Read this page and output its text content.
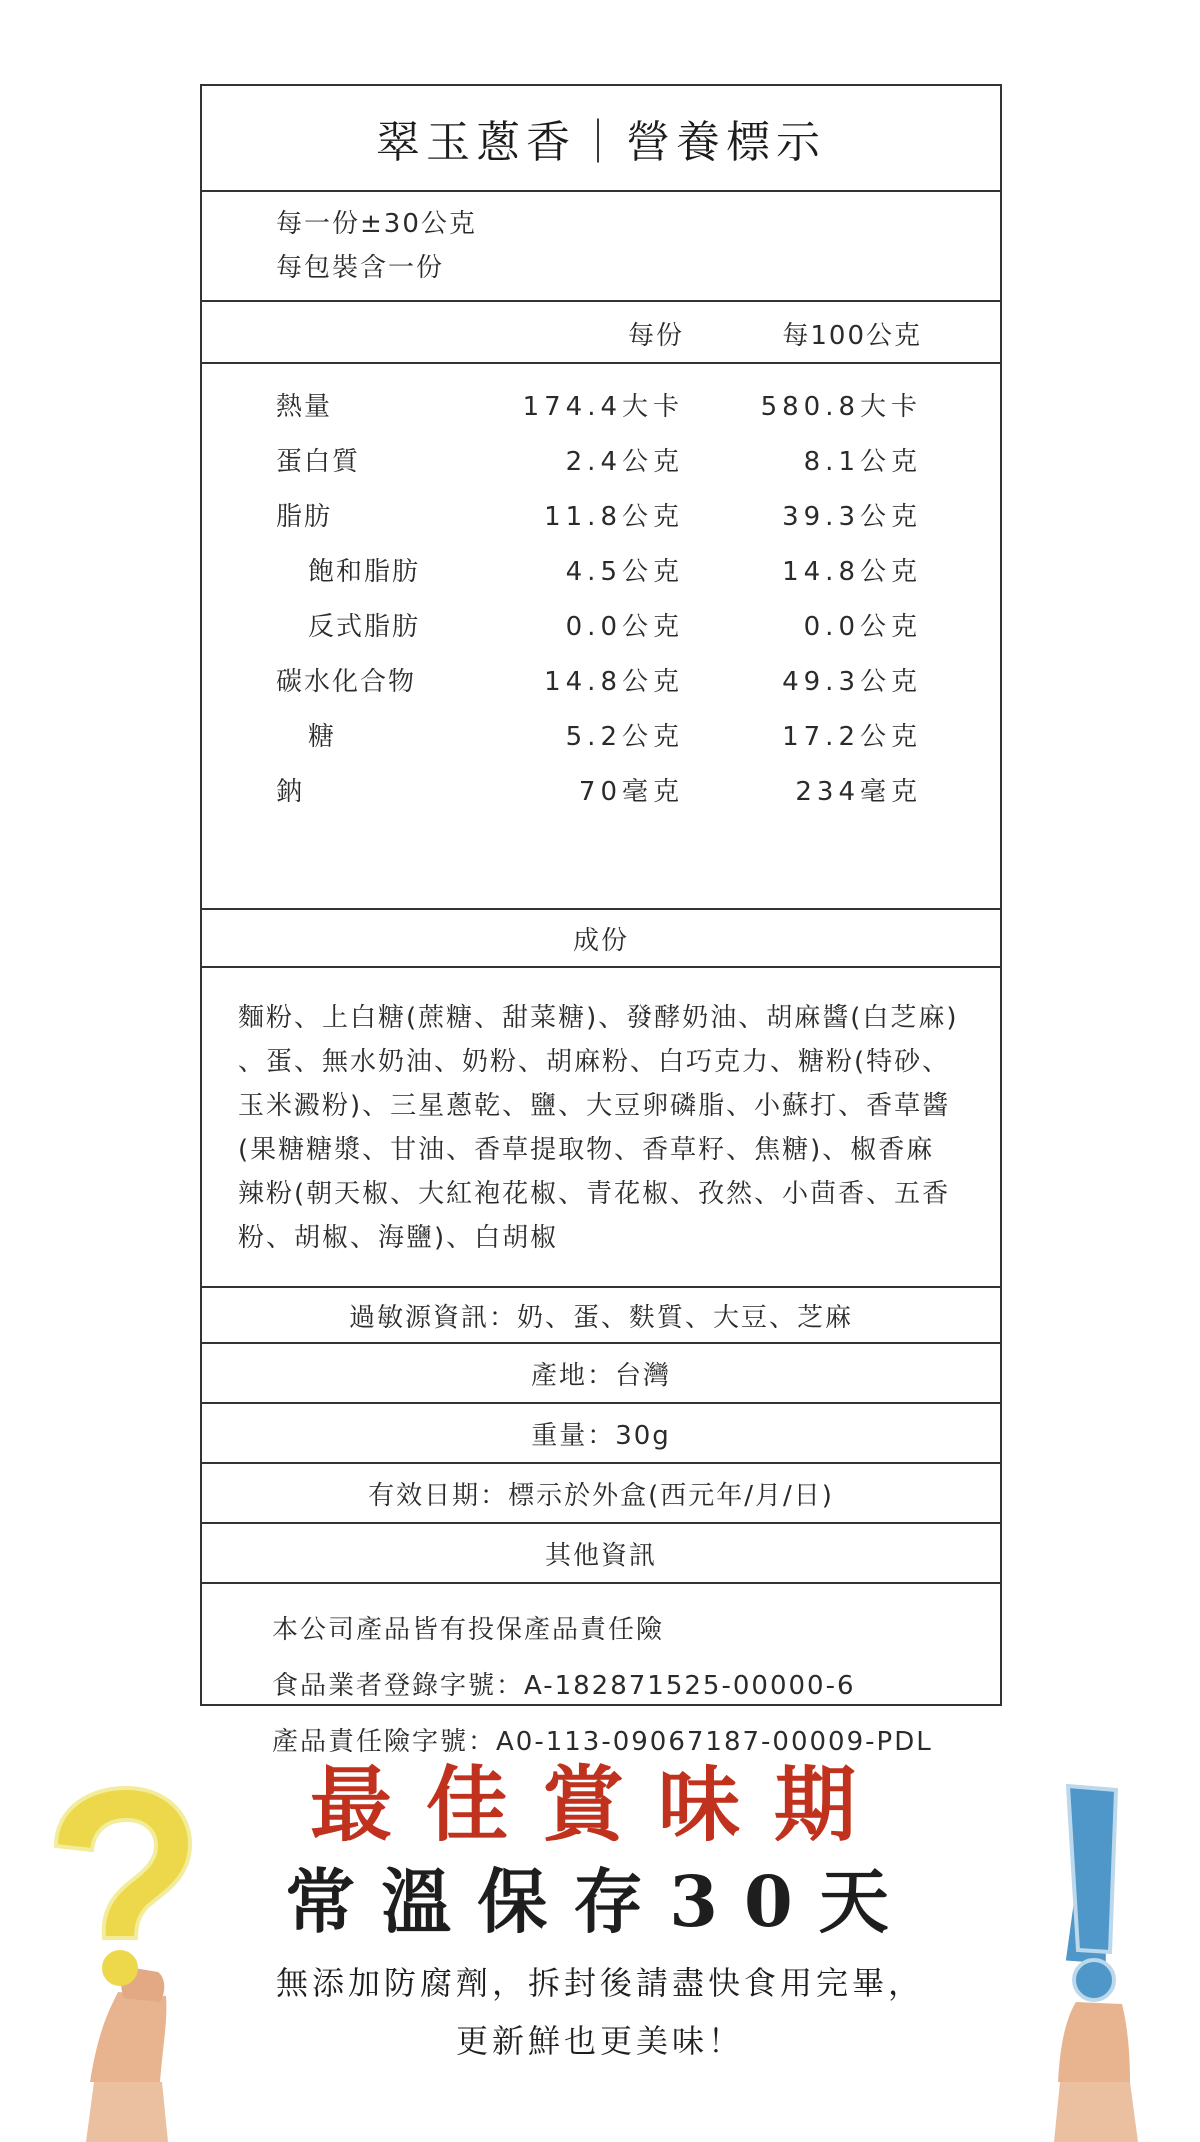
翠玉蔥香｜營養標示
每一份±30公克
每包裝含一份
每份	每100公克
熱量	174.4大卡	580.8大卡
蛋白質	2.4公克	8.1公克
脂肪	11.8公克	39.3公克
飽和脂肪	4.5公克	14.8公克
反式脂肪	0.0公克	0.0公克
碳水化合物	14.8公克	49.3公克
糖	5.2公克	17.2公克
鈉	70毫克	234毫克
成份
麵粉、上白糖(蔗糖、甜菜糖)、發酵奶油、胡麻醬(白芝麻)
、蛋、無水奶油、奶粉、胡麻粉、白巧克力、糖粉(特砂、
玉米澱粉)、三星蔥乾、鹽、大豆卵磷脂、小蘇打、香草醬
(果糖糖漿、甘油、香草提取物、香草籽、焦糖)、椒香麻
辣粉(朝天椒、大紅袍花椒、青花椒、孜然、小茴香、五香
粉、胡椒、海鹽)、白胡椒
過敏源資訊：奶、蛋、麩質、大豆、芝麻
產地：台灣
重量：30g
有效日期：標示於外盒(西元年/月/日)
其他資訊
本公司產品皆有投保產品責任險
食品業者登錄字號：A-182871525-00000-6
產品責任險字號：A0-113-09067187-00009-PDL
最佳賞味期
常溫保存30天
無添加防腐劑，拆封後請盡快食用完畢，
更新鮮也更美味！
